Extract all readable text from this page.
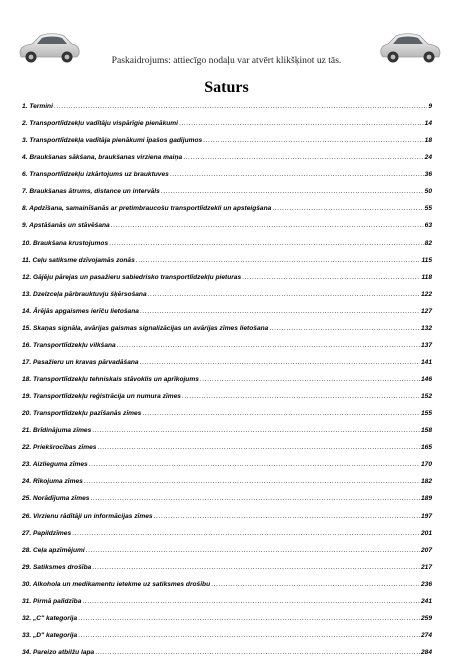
Paskaidrojums: attiecīgo nodaļu var atvērt klikšķinot uz tās.
Saturs
1. Termini .....	9
2. Transportlīdzekļu vadītāju vispārīgie pienākumi .....	14
3. Transportlīdzekļa vadītāja pienākumi īpašos gadījumos .....	18
4. Braukšanas sākšana, braukšanas virziena maiņa .....	24
6. Transportlīdzekļu izkārtojums uz brauktuves .....	36
7. Braukšanas ātrums, distance un intervāls .....	50
8. Apdzīšana, samainīšanās ar pretimbraucošu transportlīdzekli un apsteigšana .....	55
9. Apstāšanās un stāvēšana .....	63
10. Braukšana krustojumos .....	82
11. Ceļu satiksme dzīvojamās zonās .....	115
12. Gājēju pārejas un pasažieru sabiedrisko transportlīdzekļu pieturas .....	118
13. Dzelzceļa pārbrauktuvju šķērsošana .....	122
14. Ārējās apgaismes ierīču lietošana .....	127
15. Skaņas signāla, avārijas gaismas signalizācijas un avārijas zīmes lietošana .....	132
16. Transportlīdzekļu vilkšana .....	137
17. Pasažieru un kravas pārvadāšana .....	141
18. Transportlīdzekļu tehniskais stāvoklis un aprīkojums .....	146
19. Transportlīdzekļu reģistrācija un numura zīmes .....	152
20. Transportlīdzekļu pazīšanās zīmes .....	155
21. Brīdinājuma zīmes .....	158
22. Priekšrocības zīmes .....	165
23. Aizlieguma zīmes .....	170
24. Rīkojuma zīmes .....	182
25. Norādījuma zīmes .....	189
26. Virzienu rādītāji un informācijas zīmes .....	197
27. Papildzīmes .....	201
28. Ceļa apzīmējumi .....	207
29. Satiksmes drošība .....	217
30. Alkohola un medikamentu ietekme uz satiksmes drošību .....	236
31. Pirmā palīdzība .....	241
32. „C" kategorija .....	259
33. „D" kategorija .....	274
34. Pareizo atbilžu lapa .....	284
